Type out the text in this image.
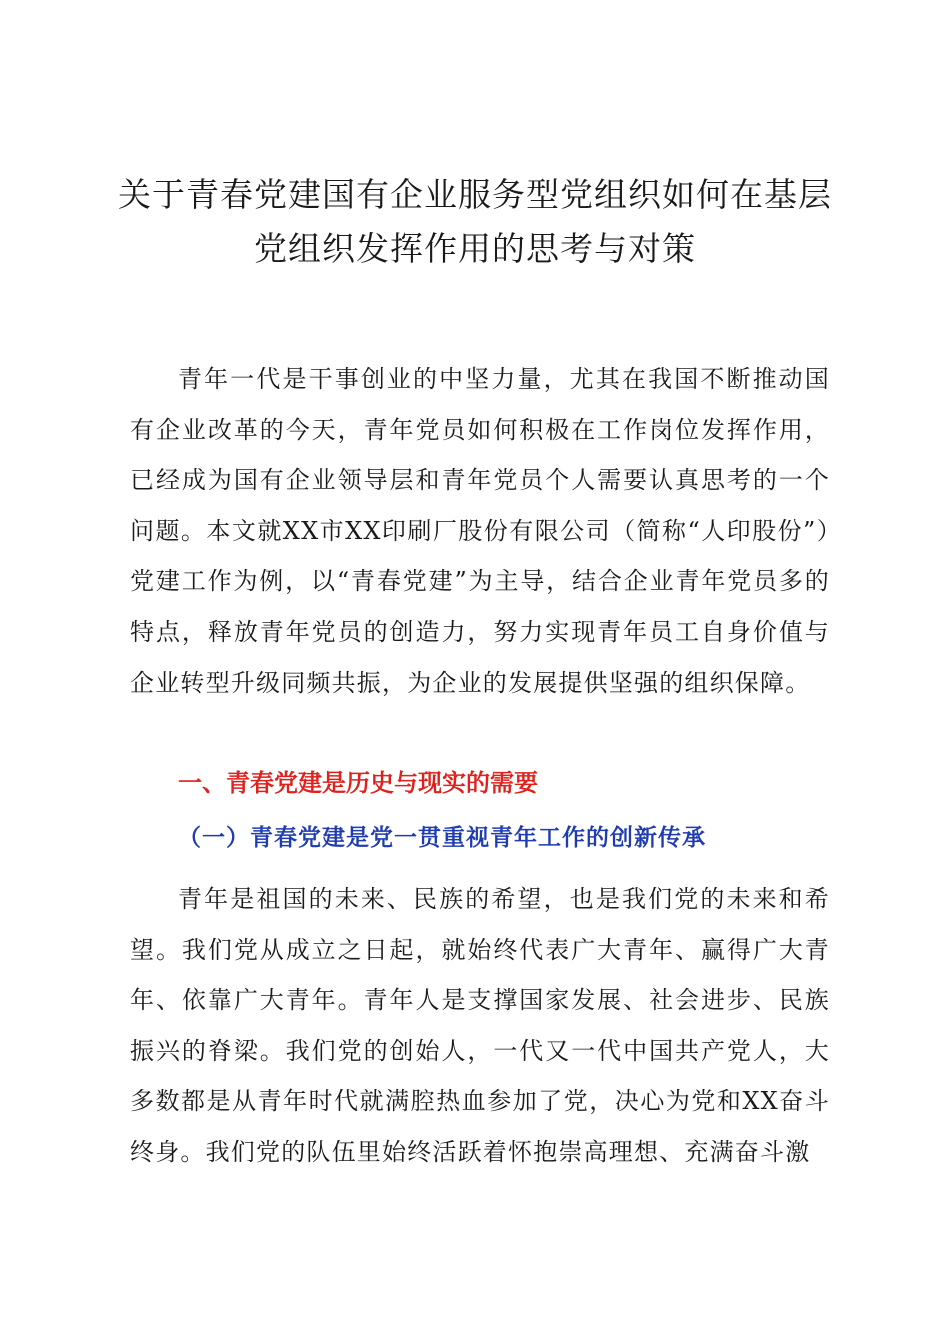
关于青春党建国有企业服务型党组织如何在基层党组织发挥作用的思考与对策

青年一代是干事创业的中坚力量，尤其在我国不断推动国有企业改革的今天，青年党员如何积极在工作岗位发挥作用，已经成为国有企业领导层和青年党员个人需要认真思考的一个问题。本文就XX市XX印刷厂股份有限公司（简称“人印股份”）党建工作为例，以“青春党建”为主导，结合企业青年党员多的特点，释放青年党员的创造力，努力实现青年员工自身价值与企业转型升级同频共振，为企业的发展提供坚强的组织保障。

一、青春党建是历史与现实的需要
（一）青春党建是党一贯重视青年工作的创新传承

青年是祖国的未来、民族的希望，也是我们党的未来和希望。我们党从成立之日起，就始终代表广大青年、赢得广大青年、依靠广大青年。青年人是支撑国家发展、社会进步、民族振兴的脊梁。我们党的创始人，一代又一代中国共产党人，大多数都是从青年时代就满腔热血参加了党，决心为党和XX奋斗终身。我们党的队伍里始终活跃着怀抱崇高理想、充满奋斗激
